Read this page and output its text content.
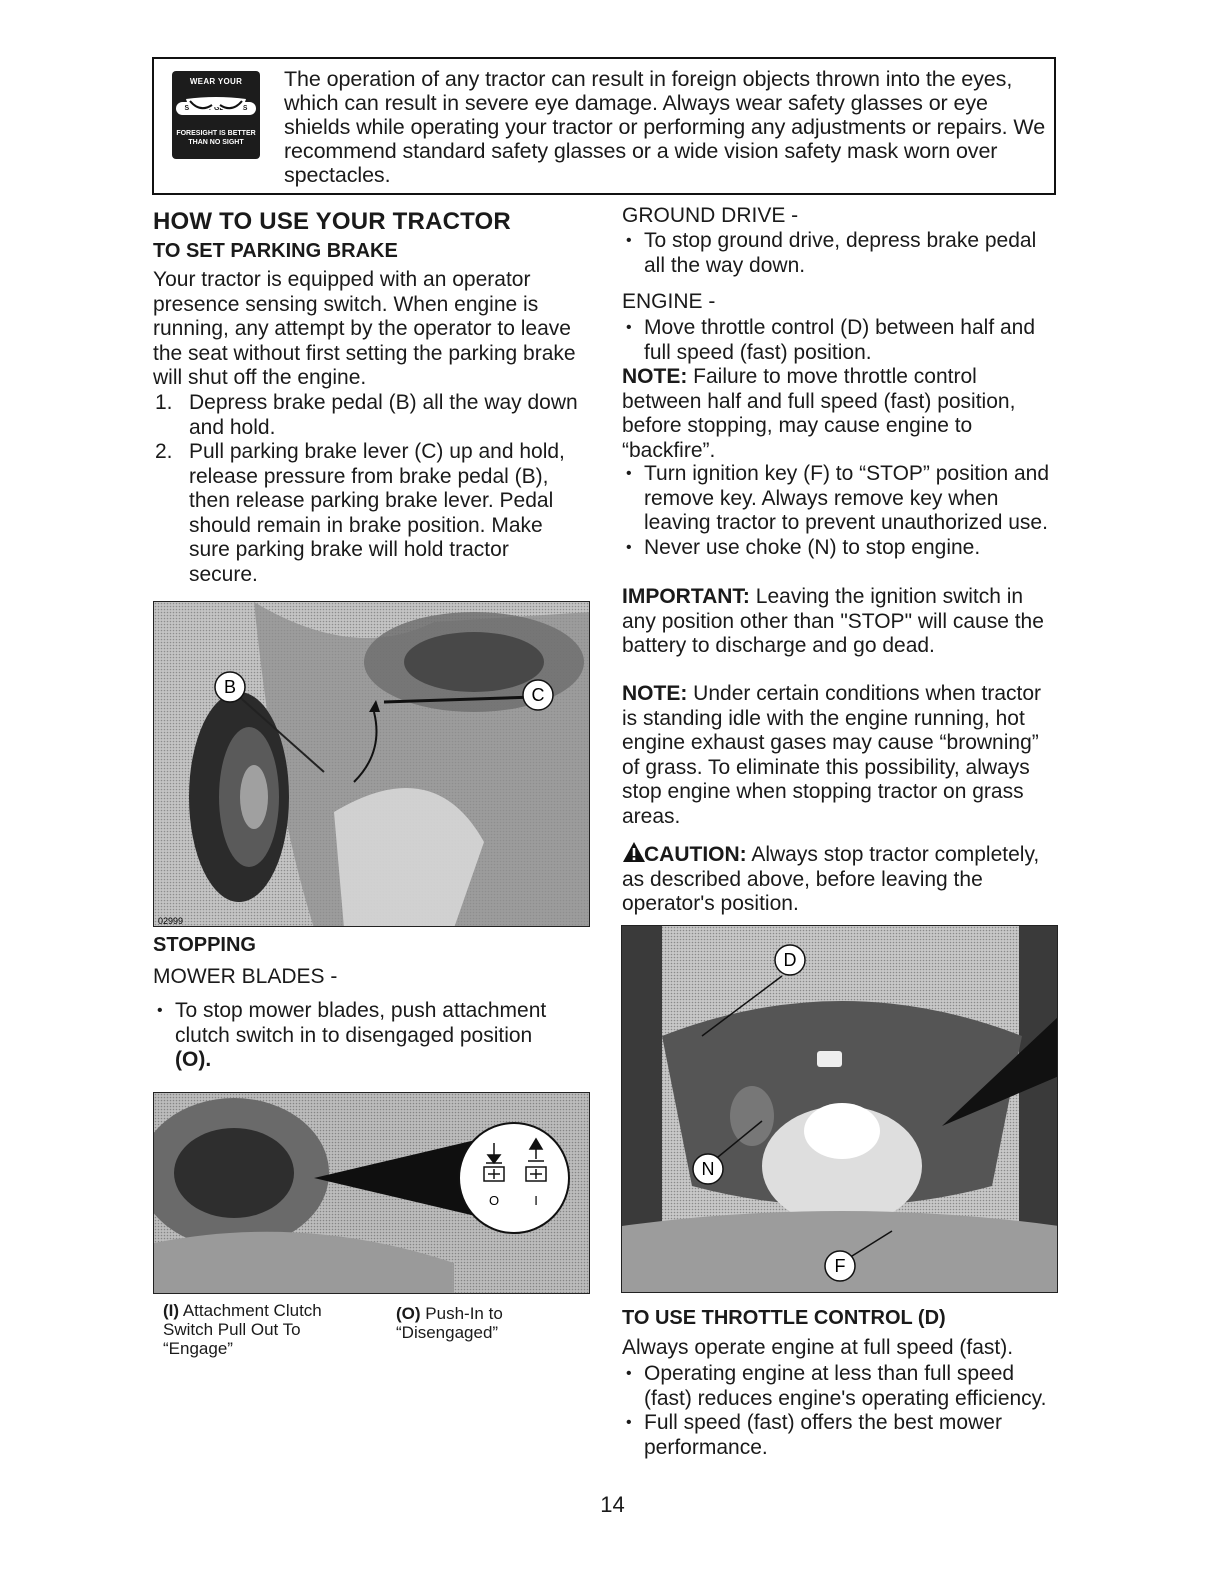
WEAR YOUR
SAFETY GLASSES
FORESIGHT IS BETTER THAN NO SIGHT
The operation of any tractor can result in foreign objects thrown into the eyes, which can result in severe eye damage. Always wear safety glasses or eye shields while operating your tractor or performing any adjustments or repairs. We recommend standard safety glasses or a wide vision safety mask worn over spectacles.
HOW TO USE YOUR TRACTOR
TO SET PARKING BRAKE
Your tractor is equipped with an operator presence sensing switch. When engine is running, any attempt by the operator to leave the seat without first setting the parking brake will shut off the engine.
1. Depress brake pedal (B) all the way down and hold.
2. Pull parking brake lever (C) up and hold, release pressure from brake pedal (B), then release parking brake lever. Pedal should remain in brake position. Make sure parking brake will hold tractor secure.
B	C
02999
STOPPING
MOWER BLADES -
• To stop mower blades, push attachment clutch switch in to disengaged position
(O).
O	I
(I) Attachment Clutch Switch Pull Out To “Engage”
(O) Push-In to “Disengaged”
GROUND DRIVE -
• To stop ground drive, depress brake pedal all the way down.
ENGINE -
• Move throttle control (D) between half and full speed (fast) position.
NOTE: Failure to move throttle control between half and full speed (fast) position, before stopping, may cause engine to “backfire”.
• Turn ignition key (F) to “STOP” position and remove key. Always remove key when leaving tractor to prevent unauthorized use.
• Never use choke (N) to stop engine.
IMPORTANT: Leaving the ignition switch in any position other than "STOP" will cause the battery to discharge and go dead.
NOTE: Under certain conditions when tractor is standing idle with the engine running, hot engine exhaust gases may cause “browning” of grass. To eliminate this possibility, always stop engine when stopping tractor on grass areas.
CAUTION: Always stop tractor completely, as described above, before leaving the operator's position.
D
N
F
TO USE THROTTLE CONTROL (D)
Always operate engine at full speed (fast).
• Operating engine at less than full speed (fast) reduces engine's operating efficiency.
• Full speed (fast) offers the best mower performance.
14
